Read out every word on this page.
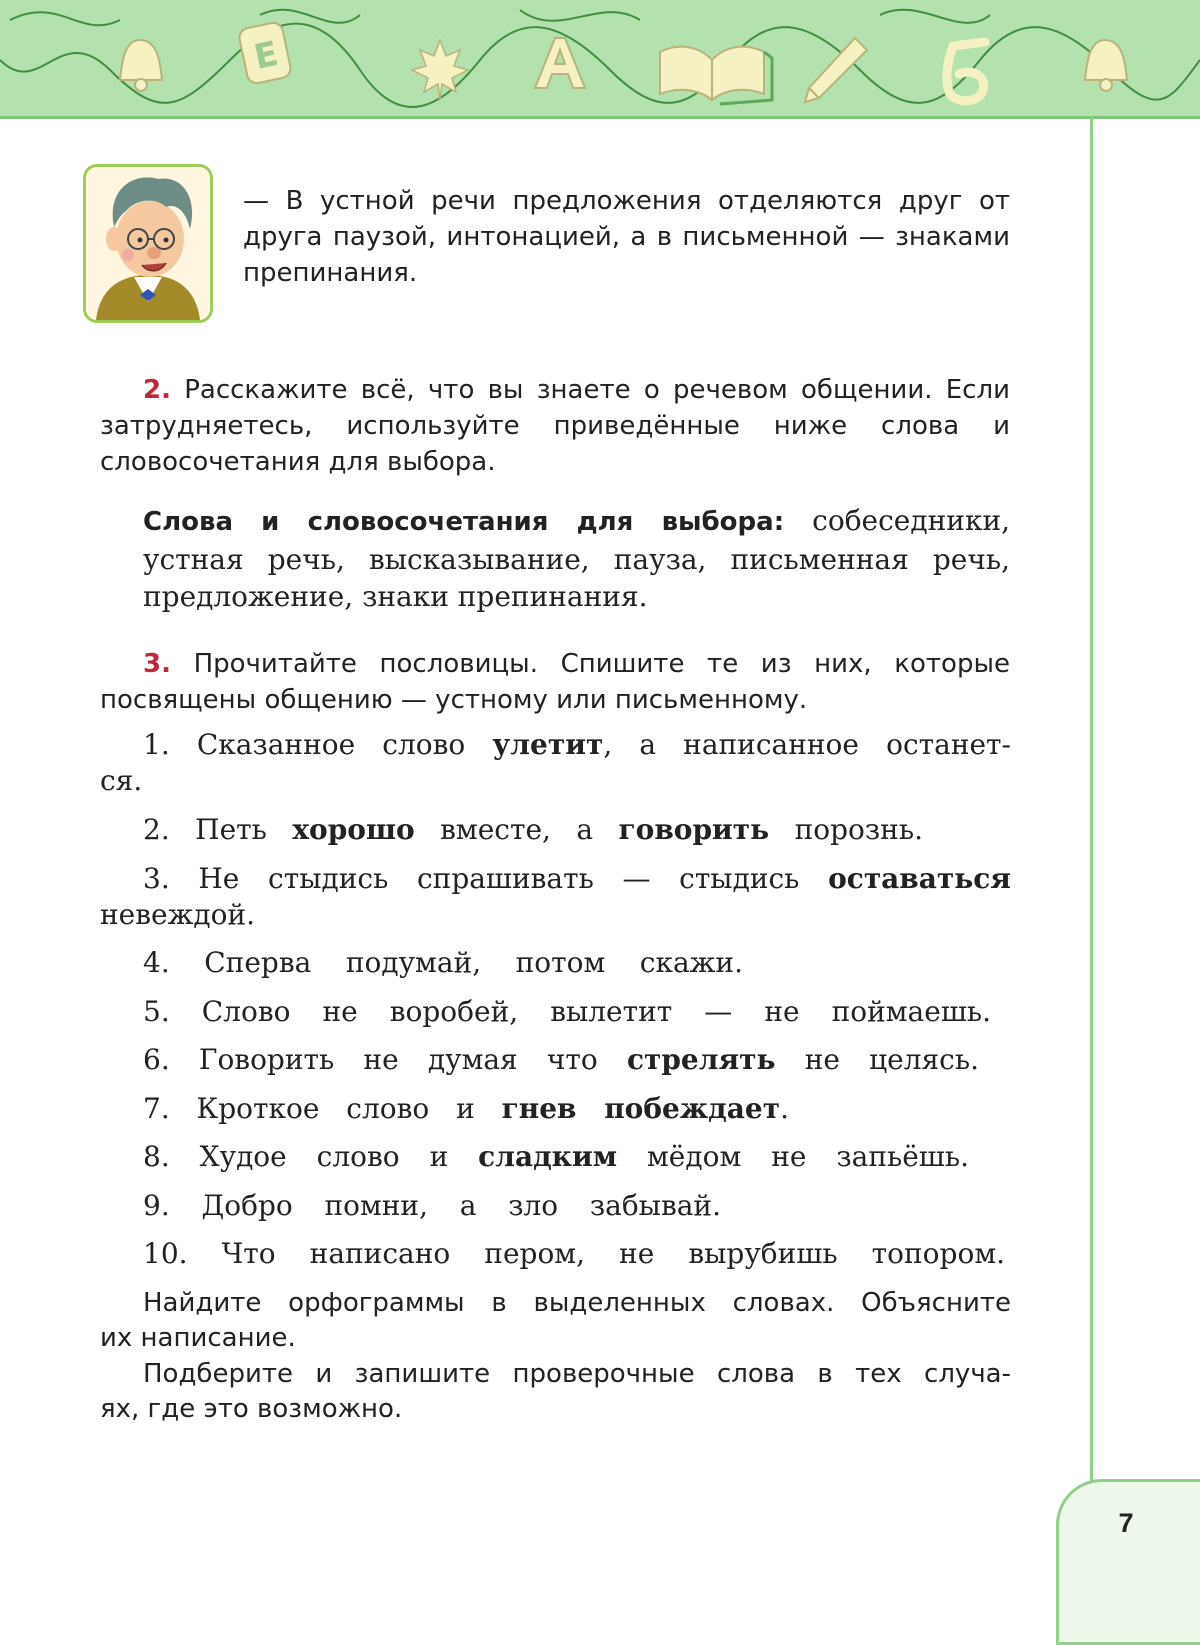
Е

— В устной речи предложения отделяются друг от друга паузой, интонацией, а в письменной — знаками препинания.

2. Расскажите всё, что вы знаете о речевом общении. Если затрудняетесь, используйте приведённые ниже слова и словосочетания для выбора.

Слова и словосочетания для выбора: собеседники, устная речь, высказывание, пауза, письменная речь, предложение, знаки препинания.

3. Прочитайте пословицы. Спишите те из них, которые посвящены общению — устному или письменному.

1. Сказанное слово улетит, а написанное останет-

ся.

2. Петь хорошо вместе, а говорить порознь.

3. Не стыдись спрашивать — стыдись оставаться

невеждой.

4. Сперва подумай, потом скажи.

5. Слово не воробей, вылетит — не поймаешь.

6. Говорить не думая что стрелять не целясь.

7. Кроткое слово и гнев побеждает.

8. Худое слово и сладким мёдом не запьёшь.

9. Добро помни, а зло забывай.

10. Что написано пером, не вырубишь топором.

Найдите орфограммы в выделенных словах. Объясните

их написание.

Подберите и запишите проверочные слова в тех случа-

ях, где это возможно.

7
